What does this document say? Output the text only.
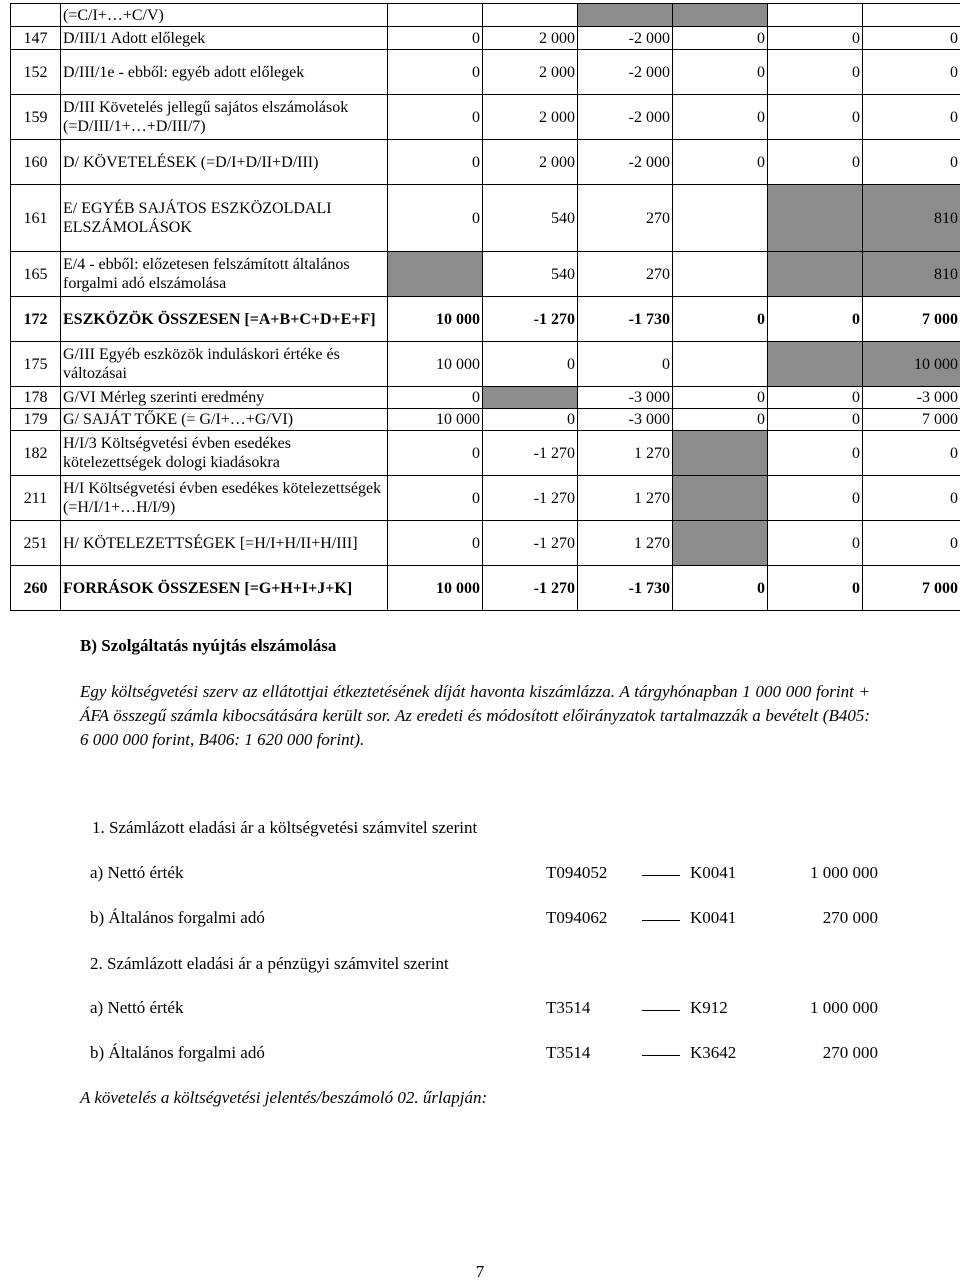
	(=C/I+…+C/V)						
147	D/III/1 Adott előlegek	0	2 000	-2 000	0	0	0
152	D/III/1e - ebből: egyéb adott előlegek	0	2 000	-2 000	0	0	0
159	D/III Követelés jellegű sajátos elszámolások (=D/III/1+…+D/III/7)	0	2 000	-2 000	0	0	0
160	D/ KÖVETELÉSEK (=D/I+D/II+D/III)	0	2 000	-2 000	0	0	0
161	E/ EGYÉB SAJÁTOS ESZKÖZOLDALI ELSZÁMOLÁSOK	0	540	270			810
165	E/4 - ebből: előzetesen felszámított általános forgalmi adó elszámolása		540	270			810
172	ESZKÖZÖK ÖSSZESEN [=A+B+C+D+E+F]	10 000	-1 270	-1 730	0	0	7 000
175	G/III Egyéb eszközök induláskori értéke és változásai	10 000	0	0			10 000
178	G/VI Mérleg szerinti eredmény	0		-3 000	0	0	-3 000
179	G/ SAJÁT TŐKE (= G/I+…+G/VI)	10 000	0	-3 000	0	0	7 000
182	H/I/3 Költségvetési évben esedékes kötelezettségek dologi kiadásokra	0	-1 270	1 270		0	0
211	H/I Költségvetési évben esedékes kötelezettségek (=H/I/1+…H/I/9)	0	-1 270	1 270		0	0
251	H/ KÖTELEZETTSÉGEK [=H/I+H/II+H/III]	0	-1 270	1 270		0	0
260	FORRÁSOK ÖSSZESEN [=G+H+I+J+K]	10 000	-1 270	-1 730	0	0	7 000
B) Szolgáltatás nyújtás elszámolása
Egy költségvetési szerv az ellátottjai étkeztetésének díját havonta kiszámlázza. A tárgyhónapban 1 000 000 forint + ÁFA összegű számla kibocsátására került sor. Az eredeti és módosított előirányzatok tartalmazzák a bevételt (B405: 6 000 000 forint, B406: 1 620 000 forint).
1. Számlázott eladási ár a költségvetési számvitel szerint
a) Nettó érték	T094052	K0041	1 000 000
b) Általános forgalmi adó	T094062	K0041	270 000
2. Számlázott eladási ár a pénzügyi számvitel szerint
a) Nettó érték	T3514	K912	1 000 000
b) Általános forgalmi adó	T3514	K3642	270 000
A követelés a költségvetési jelentés/beszámoló 02. űrlapján:
7
